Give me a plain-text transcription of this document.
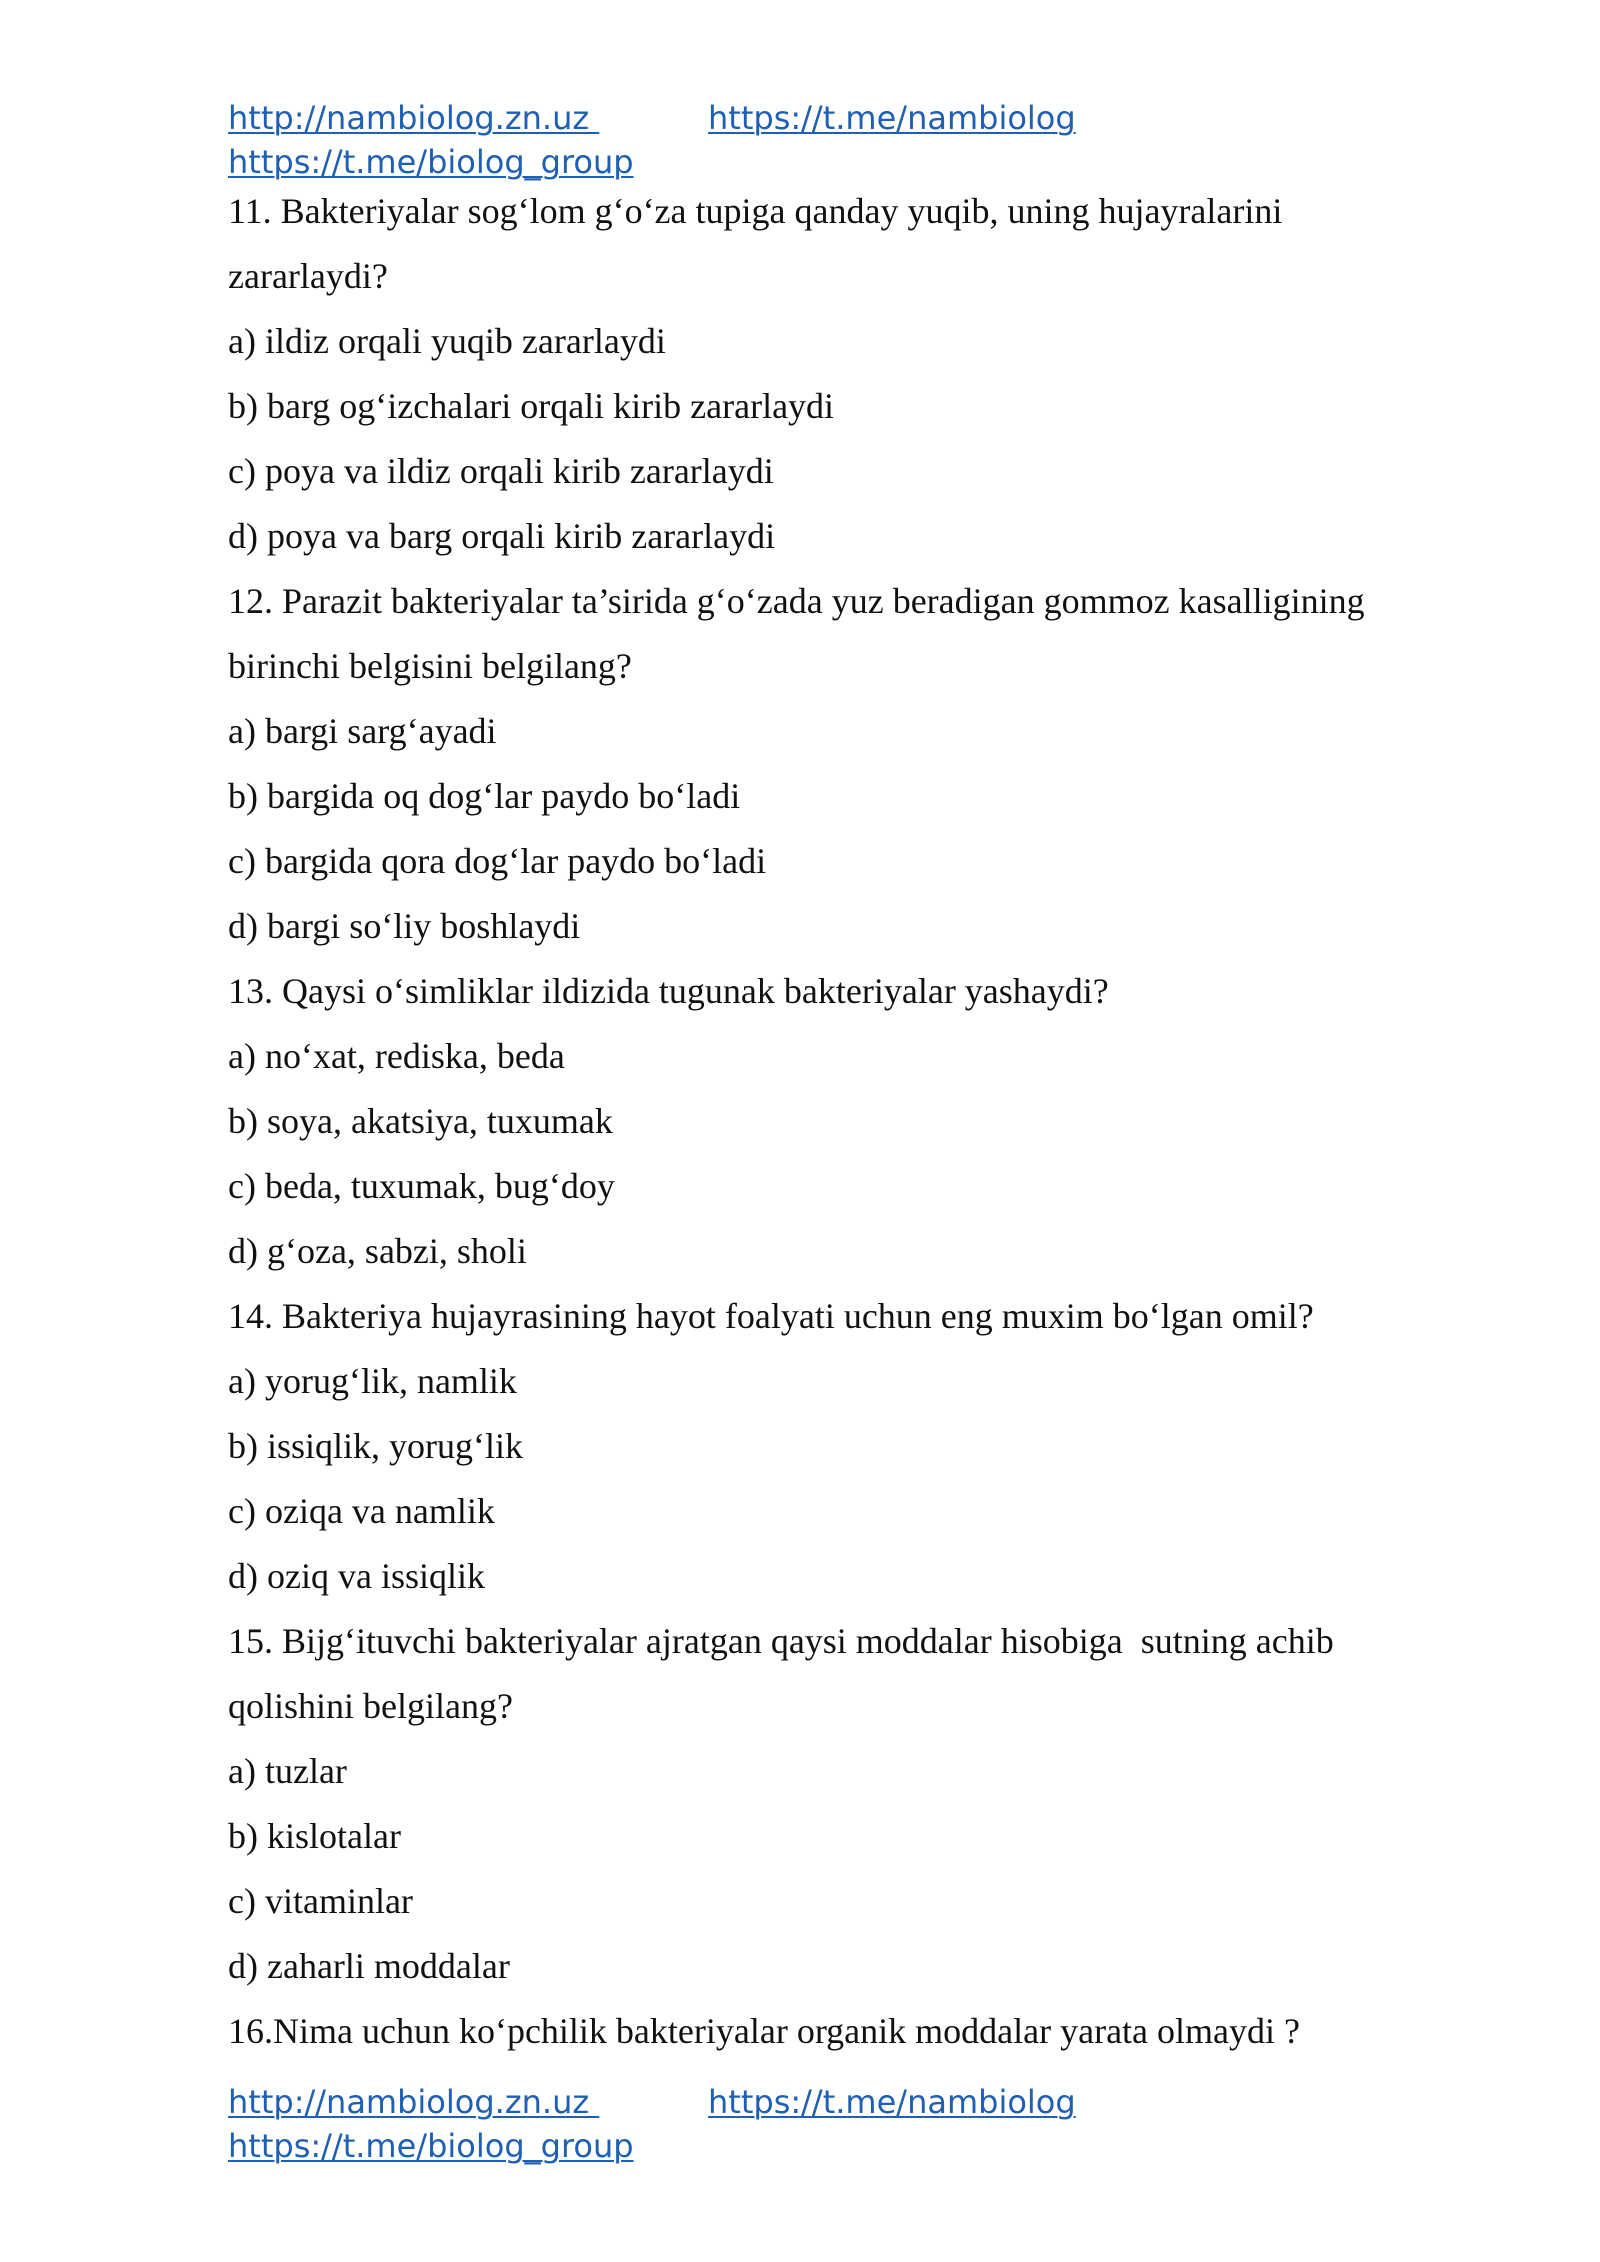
http://nambiolog.zn.uz	https://t.me/nambiolog
https://t.me/biolog_group

11. Bakteriyalar sog‘lom g‘o‘za tupiga qanday yuqib, uning hujayralarini

zararlaydi?

a) ildiz orqali yuqib zararlaydi

b) barg og‘izchalari orqali kirib zararlaydi

c) poya va ildiz orqali kirib zararlaydi

d) poya va barg orqali kirib zararlaydi

12. Parazit bakteriyalar ta’sirida g‘o‘zada yuz beradigan gommoz kasalligining

birinchi belgisini belgilang?

a) bargi sarg‘ayadi

b) bargida oq dog‘lar paydo bo‘ladi

c) bargida qora dog‘lar paydo bo‘ladi

d) bargi so‘liy boshlaydi

13. Qaysi o‘simliklar ildizida tugunak bakteriyalar yashaydi?

a) no‘xat, rediska, beda

b) soya, akatsiya, tuxumak

c) beda, tuxumak, bug‘doy

d) g‘oza, sabzi, sholi

14. Bakteriya hujayrasining hayot foalyati uchun eng muxim bo‘lgan omil?

a) yorug‘lik, namlik

b) issiqlik, yorug‘lik

c) oziqa va namlik

d) oziq va issiqlik

15. Bijg‘ituvchi bakteriyalar ajratgan qaysi moddalar hisobiga  sutning achib

qolishini belgilang?

a) tuzlar

b) kislotalar

c) vitaminlar

d) zaharli moddalar

16.Nima uchun ko‘pchilik bakteriyalar organik moddalar yarata olmaydi ?

http://nambiolog.zn.uz	https://t.me/nambiolog
https://t.me/biolog_group
